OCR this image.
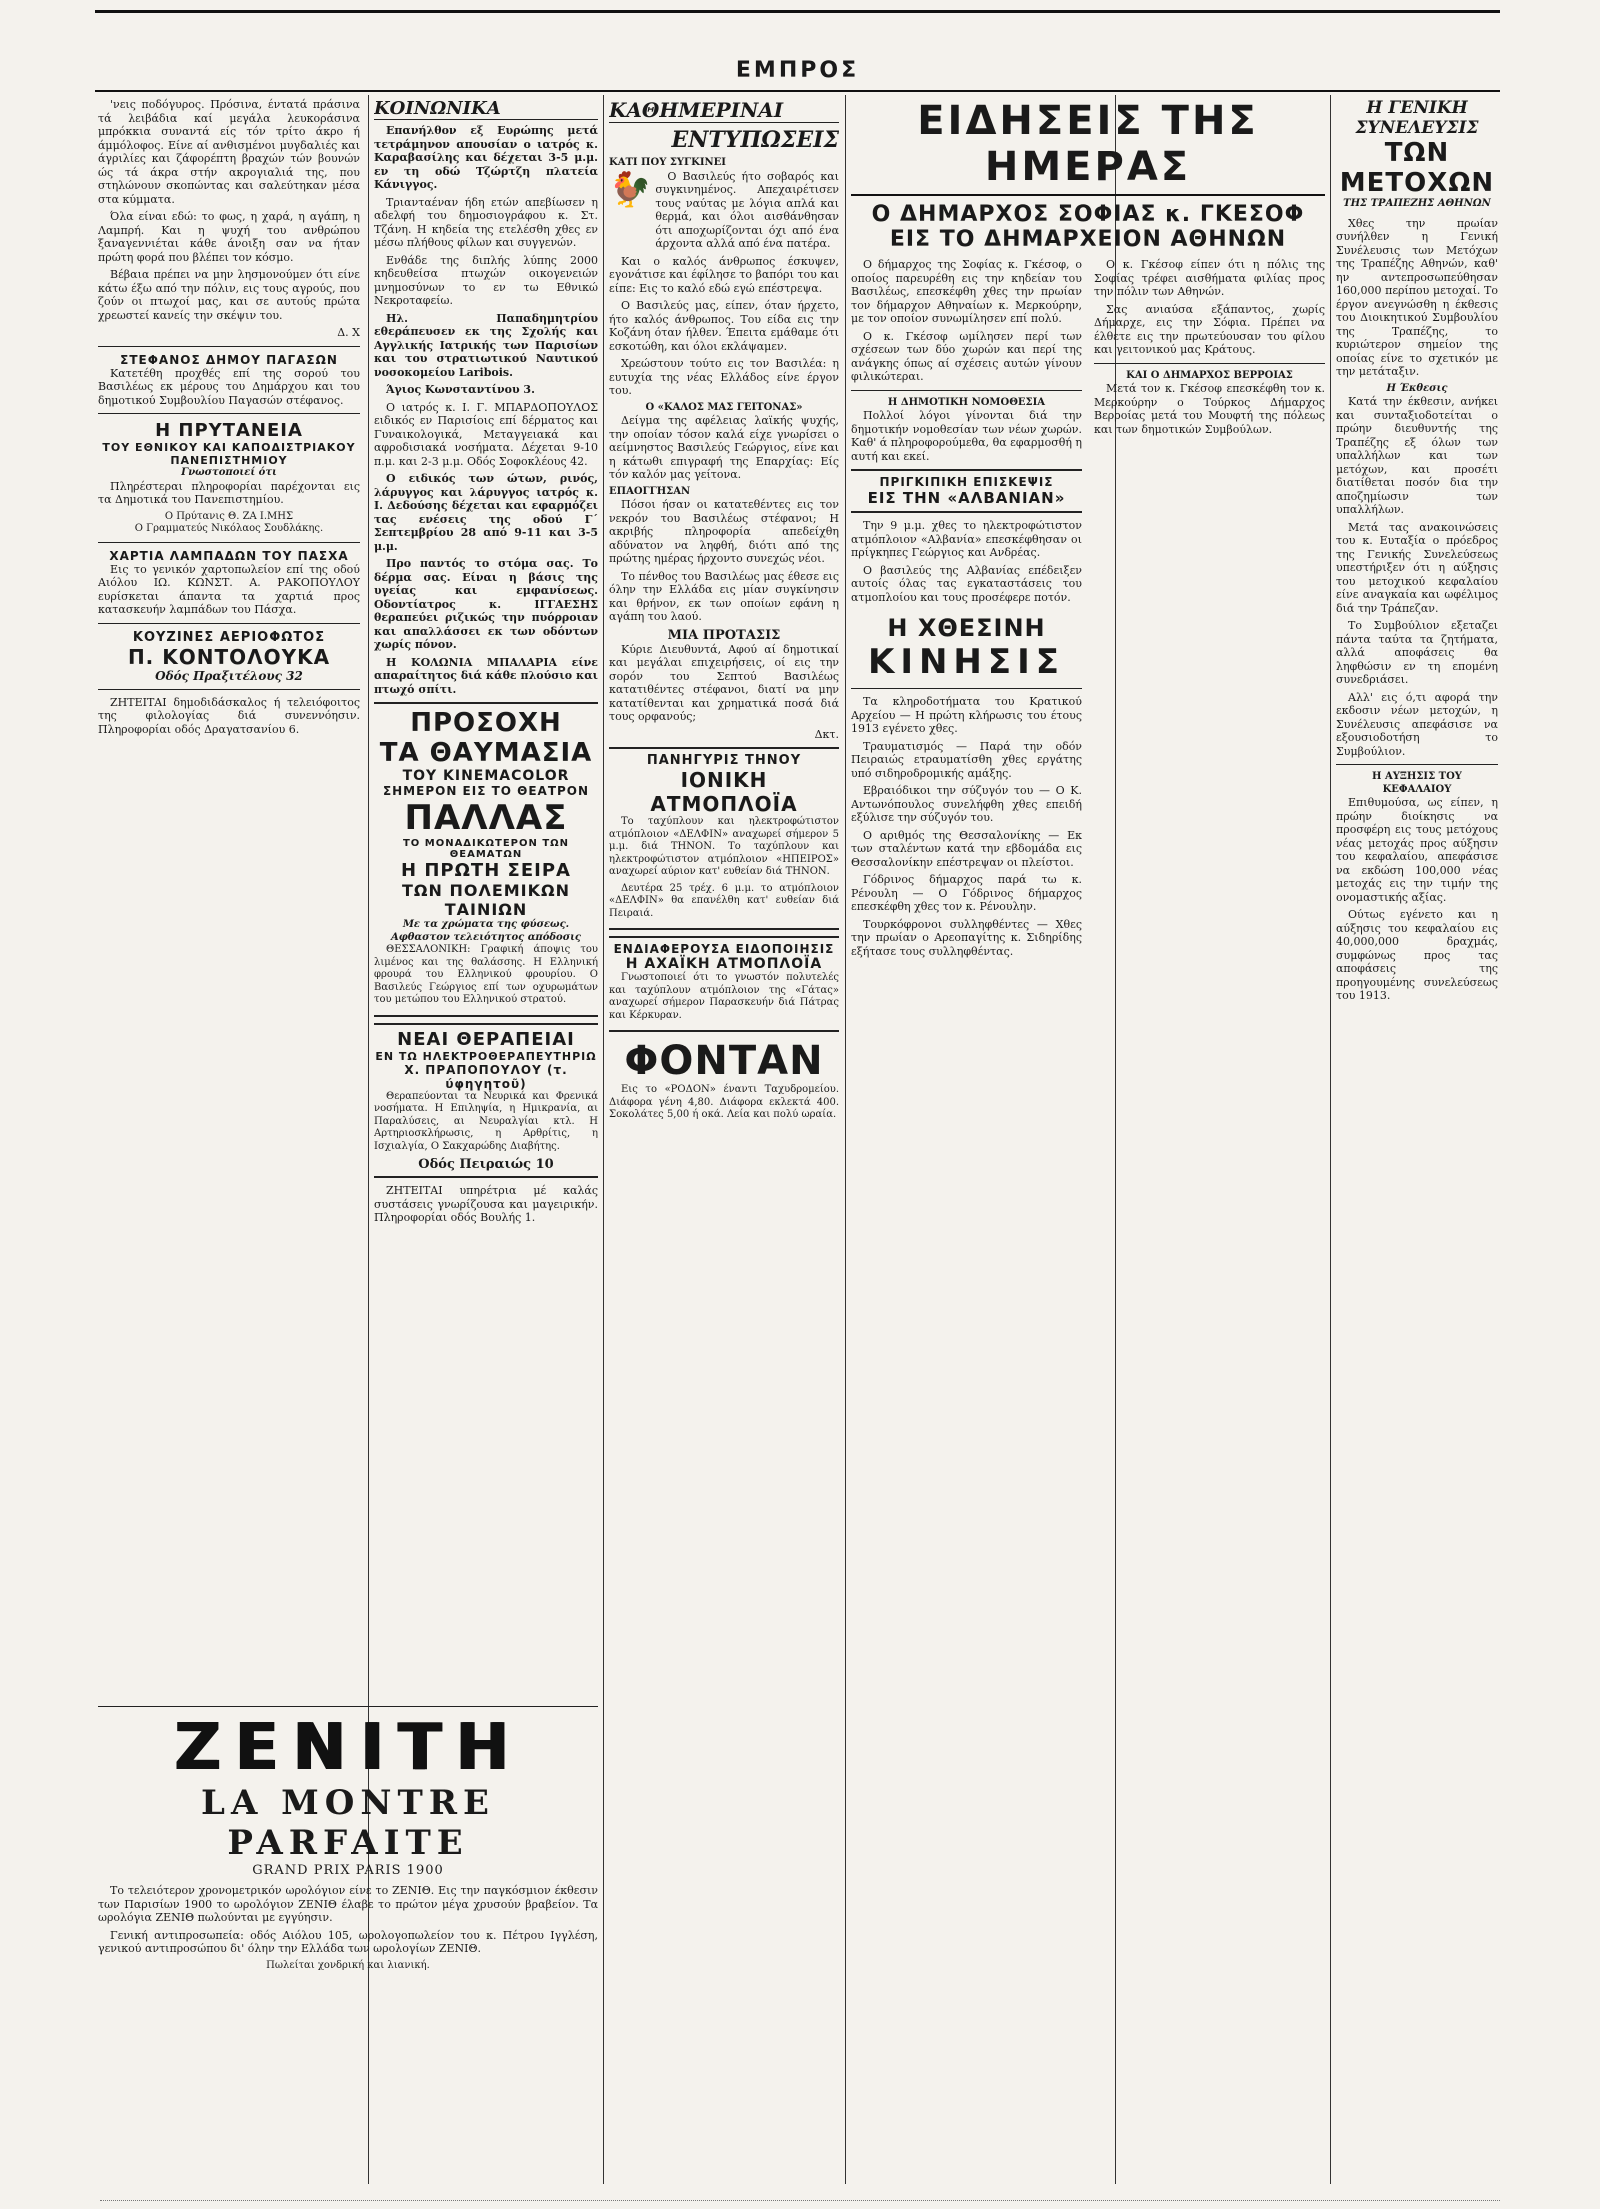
ΕΜΠΡΟΣ

'νεις ποδόγυρος. Πρόσινα, έντατά πράσινα τά λειβάδια καί μεγάλα λευκοράσινα μπρόκκια συναντά είς τόν τρίτο άκρο ή άμμόλοφος. Είνε αί ανθισμένοι μυγδαλιές και άγριλίες και ζάφορέπτη βραχών τών βουνών ώς τά άκρα στήν ακρογιαλιά της, που στηλώνουν σκοπώντας και σαλεύτηκαν μέσα στα κύμματα.

Όλα είναι εδώ: το φως, η χαρά, η αγάπη, η Λαμπρή. Και η ψυχή του ανθρώπου ξαναγεννιέται κάθε άνοιξη σαν να ήταν πρώτη φορά που βλέπει τον κόσμο.

Βέβαια πρέπει να μην λησμονούμεν ότι είνε κάτω έξω από την πόλιν, εις τους αγρούς, που ζούν οι πτωχοί μας, και σε αυτούς πρώτα χρεωστεί κανείς την σκέψιν του.

Δ. Χ

ΣΤΕΦΑΝΟΣ ΔΗΜΟΥ ΠΑΓΑΣΩΝ

Κατετέθη προχθές επί της σορού του Βασιλέως εκ μέρους του Δημάρχου και του δημοτικού Συμβουλίου Παγασών στέφανος.

Η ΠΡΥΤΑΝΕΙΑ
ΤΟΥ ΕΘΝΙΚΟΥ ΚΑΙ ΚΑΠΟΔΙΣΤΡΙΑΚΟΥ ΠΑΝΕΠΙΣΤΗΜΙΟΥ
Γνωστοποιεί ότι

Πληρέστεραι πληροφορίαι παρέχονται εις τα Δημοτικά του Πανεπιστημίου.

Ο Πρύτανις Θ. ΖΑ Ι.ΜΗΣ
Ο Γραμματεύς Νικόλαος Σουδλάκης.
ΧΑΡΤΙΑ ΛΑΜΠΑΔΩΝ ΤΟΥ ΠΑΣΧΑ

Εις το γενικόν χαρτοπωλείον επί της οδού Αιόλου ΙΩ. ΚΩΝΣΤ. Α. ΡΑΚΟΠΟΥΛΟΥ ευρίσκεται άπαντα τα χαρτιά προς κατασκευήν λαμπάδων του Πάσχα.

ΚΟΥΖΙΝΕΣ ΑΕΡΙΟΦΩΤΟΣ
Π. ΚΟΝΤΟΛΟΥΚΑ
Οδός Πραξιτέλους 32

ΖΗΤΕΙΤΑΙ δημοδιδάσκαλος ή τελειόφοιτος της φιλολογίας διά συνεννόησιν. Πληροφορίαι οδός Δραγατσανίου 6.

ΚΟΙΝΩΝΙΚΑ

Επανήλθον εξ Ευρώπης μετά τετράμηνον απουσίαν ο ιατρός κ. Καραβασίλης και δέχεται 3-5 μ.μ. εν τη οδώ Τζώρτζη πλατεία Κάνιγγος.

Τριανταέναν ήδη ετών απεβίωσεν η αδελφή του δημοσιογράφου κ. Στ. Τζάνη. Η κηδεία της ετελέσθη χθες εν μέσω πλήθους φίλων και συγγενών.

Ενθάδε της διπλής λύπης 2000 κηδευθείσα πτωχών οικογενειών μνημοσύνων το εν τω Εθνικώ Νεκροταφείω.

Ηλ. Παπαδημητρίου εθεράπευσεν εκ της Σχολής και Αγγλικής Ιατρικής των Παρισίων και του στρατιωτικού Ναυτικού νοσοκομείου Laribois.

Άγιος Κωνσταντίνου 3.

Ο ιατρός κ. Ι. Γ. ΜΠΑΡΔΟΠΟΥΛΟΣ ειδικός εν Παρισίοις επί δέρματος και Γυναικολογικά, Μεταγγειακά και αφροδισιακά νοσήματα. Δέχεται 9-10 π.μ. και 2-3 μ.μ. Οδός Σοφοκλέους 42.

Ο ειδικός των ώτων, ρινός, λάρυγγος και λάρυγγος ιατρός κ. Ι. Δεδούσης δέχεται και εφαρμόζει τας ενέσεις της οδού Γ΄ Σεπτεμβρίου 28 από 9-11 και 3-5 μ.μ.

Προ παντός το στόμα σας. Το δέρμα σας. Είναι η βάσις της υγείας και εμφανίσεως. Οδοντίατρος κ. ΙΓΓΑΕΣΗΣ θεραπεύει ριζικώς την πυόρροιαν και απαλλάσσει εκ των οδόντων χωρίς πόνον.

Η ΚΟΛΩΝΙΑ ΜΠΑΛΑΡΙΑ είνε απαραίτητος διά κάθε πλούσιο και πτωχό σπίτι.

ΠΡΟΣΟΧΗ
ΤΑ ΘΑΥΜΑΣΙΑ
ΤΟΥ KINEMACOLOR
ΣΗΜΕΡΟΝ ΕΙΣ ΤΟ ΘΕΑΤΡΟΝ
ΠΑΛΛΑΣ
ΤΟ ΜΟΝΑΔΙΚΩΤΕΡΟΝ ΤΩΝ ΘΕΑΜΑΤΩΝ
Η ΠΡΩΤΗ ΣΕΙΡΑ
ΤΩΝ ΠΟΛΕΜΙΚΩΝ ΤΑΙΝΙΩΝ
Με τα χρώματα της φύσεως. Αφθαστον τελειότητος απόδοσις

ΘΕΣΣΑΛΟΝΙΚΗ: Γραφική άποψις του λιμένος και της θαλάσσης. Η Ελληνική φρουρά του Ελληνικού φρουρίου. Ο Βασιλεύς Γεώργιος επί των οχυρωμάτων του μετώπου του Ελληνικού στρατού.

ΝΕΑΙ ΘΕΡΑΠΕΙΑΙ
ΕΝ ΤΩ ΗΛΕΚΤΡΟΘΕΡΑΠΕΥΤΗΡΙΩ
Χ. ΠΡΑΠΟΠΟΥΛΟΥ (τ. ύφηγητοῦ)

Θεραπεύονται τα Νευρικά και Φρενικά νοσήματα. Η Επιληψία, η Ημικρανία, αι Παραλύσεις, αι Νευραλγίαι κτλ. Η Αρτηριοσκλήρωσις, η Αρθρίτις, η Ισχιαλγία, Ο Σακχαρώδης Διαβήτης.

Οδός Πειραιώς 10

ΖΗΤΕΙΤΑΙ υπηρέτρια μέ καλάς συστάσεις γνωρίζουσα και μαγειρικήν. Πληροφορίαι οδός Βουλής 1.

ZENITH
LA MONTRE PARFAITE
GRAND PRIX PARIS 1900

Το τελειότερον χρονομετρικόν ωρολόγιον είνε το ΖΕΝΙΘ. Εις την παγκόσμιον έκθεσιν των Παρισίων 1900 το ωρολόγιον ΖΕΝΙΘ έλαβε το πρώτον μέγα χρυσούν βραβείον. Τα ωρολόγια ΖΕΝΙΘ πωλούνται με εγγύησιν.

Γενική αντιπροσωπεία: οδός Αιόλου 105, ωρολογοπωλείον του κ. Πέτρου Ιγγλέση, γενικού αντιπροσώπου δι' όλην την Ελλάδα των ωρολογίων ΖΕΝΙΘ.

Πωλείται χονδρική και λιανική.
ΚΑΘΗΜΕΡΙΝΑΙ
ΕΝΤΥΠΩΣΕΙΣ
ΚΑΤΙ ΠΟΥ ΣΥΓΚΙΝΕΙ
🐓	Ο Βασιλεύς ήτο σοβαρός και συγκινημένος. Απεχαιρέτισεν τους ναύτας με λόγια απλά και θερμά, και όλοι αισθάνθησαν ότι αποχωρίζονται όχι από ένα άρχοντα αλλά από ένα πατέρα.

Και ο καλός άνθρωπος έσκυψεν, εγονάτισε και έφίλησε το βαπόρι του και είπε: Εις το καλό εδώ εγώ επέστρεψα.

Ο Βασιλεύς μας, είπεν, όταν ήρχετο, ήτο καλός άνθρωπος. Του είδα εις την Κοζάνη όταν ήλθεν. Έπειτα εμάθαμε ότι εσκοτώθη, και όλοι εκλάψαμεν.

Χρεώστουν τούτο εις τον Βασιλέα: η ευτυχία της νέας Ελλάδος είνε έργον του.

Ο «ΚΑΛΟΣ ΜΑΣ ΓΕΙΤΟΝΑΣ»

Δείγμα της αφέλειας λαϊκής ψυχής, την οποίαν τόσον καλά είχε γνωρίσει ο αείμνηστος Βασιλεύς Γεώργιος, είνε και η κάτωθι επιγραφή της Επαρχίας: Είς τόν καλόν μας γείτονα.

ΕΠΑΟΓΓΗΣΑΝ

Πόσοι ήσαν οι κατατεθέντες εις τον νεκρόν του Βασιλέως στέφανοι; Η ακριβής πληροφορία απεδείχθη αδύνατον να ληφθή, διότι από της πρώτης ημέρας ήρχοντο συνεχώς νέοι.

Το πένθος του Βασιλέως μας έθεσε εις όλην την Ελλάδα εις μίαν συγκίνησιν και θρήνον, εκ των οποίων εφάνη η αγάπη του λαού.

ΜΙΑ ΠΡΟΤΑΣΙΣ

Κύριε Διευθυντά, Αφού αί δημοτικαί και μεγάλαι επιχειρήσεις, οί εις την σορόν του Σεπτού Βασιλέως κατατιθέντες στέφανοι, διατί να μην κατατίθενται και χρηματικά ποσά διά τους ορφανούς;

Δκτ.

ΠΑΝΗΓΥΡΙΣ ΤΗΝΟΥ
ΙΟΝΙΚΗ ΑΤΜΟΠΛΟΪΑ

Το ταχύπλουν και ηλεκτροφώτιστον ατμόπλοιον «ΔΕΛΦΙΝ» αναχωρεί σήμερον 5 μ.μ. διά ΤΗΝΟΝ. Το ταχύπλουν και ηλεκτροφώτιστον ατμόπλοιον «ΗΠΕΙΡΟΣ» αναχωρεί αύριον κατ' ευθείαν διά ΤΗΝΟΝ.

Δευτέρα 25 τρέχ. 6 μ.μ. το ατμόπλοιον «ΔΕΛΦΙΝ» θα επανέλθη κατ' ευθείαν διά Πειραιά.

ΕΝΔΙΑΦΕΡΟΥΣΑ ΕΙΔΟΠΟΙΗΣΙΣ
Η ΑΧΑΪΚΗ ΑΤΜΟΠΛΟΪΑ

Γνωστοποιεί ότι το γνωστόν πολυτελές και ταχύπλουν ατμόπλοιον της «Γάτας» αναχωρεί σήμερον Παρασκευήν διά Πάτρας και Κέρκυραν.

ΦΟΝΤΑΝ

Εις το «ΡΟΔΟΝ» έναντι Ταχυδρομείου. Διάφορα γένη 4,80. Διάφορα εκλεκτά 400. Σοκολάτες 5,00 ή οκά. Λεία και πολύ ωραία.

ΕΙΔΗΣΕΙΣ ΤΗΣ ΗΜΕΡΑΣ
Ο ΔΗΜΑΡΧΟΣ ΣΟΦΙΑΣ κ. ΓΚΕΣΟΦ
ΕΙΣ ΤΟ ΔΗΜΑΡΧΕΙΟΝ ΑΘΗΝΩΝ

Ο δήμαρχος της Σοφίας κ. Γκέσοφ, ο οποίος παρευρέθη εις την κηδείαν του Βασιλέως, επεσκέφθη χθες την πρωίαν τον δήμαρχον Αθηναίων κ. Μερκούρην, με τον οποίον συνωμίλησεν επί πολύ.

Ο κ. Γκέσοφ ωμίλησεν περί των σχέσεων των δύο χωρών και περί της ανάγκης όπως αί σχέσεις αυτών γίνουν φιλικώτεραι.

Η ΔΗΜΟΤΙΚΗ ΝΟΜΟΘΕΣΙΑ

Πολλοί λόγοι γίνονται διά την δημοτικήν νομοθεσίαν των νέων χωρών. Καθ' ά πληροφορούμεθα, θα εφαρμοσθή η αυτή και εκεί.

ΠΡΙΓΚΙΠΙΚΗ ΕΠΙΣΚΕΨΙΣ
ΕΙΣ ΤΗΝ «ΑΛΒΑΝΙΑΝ»

Την 9 μ.μ. χθες το ηλεκτροφώτιστον ατμόπλοιον «Αλβανία» επεσκέφθησαν οι πρίγκηπες Γεώργιος και Ανδρέας.

Ο βασιλεύς της Αλβανίας επέδειξεν αυτοίς όλας τας εγκαταστάσεις του ατμοπλοίου και τους προσέφερε ποτόν.

Η ΧΘΕΣΙΝΗ
ΚΙΝΗΣΙΣ

Τα κληροδοτήματα του Κρατικού Αρχείου — Η πρώτη κλήρωσις του έτους 1913 εγένετο χθες.

Τραυματισμός — Παρά την οδόν Πειραιώς ετραυματίσθη χθες εργάτης υπό σιδηροδρομικής αμάξης.

Εβραιόδικοι την σύζυγόν του — Ο Κ. Αντωνόπουλος συνελήφθη χθες επειδή εξύλισε την σύζυγόν του.

Ο αριθμός της Θεσσαλονίκης — Εκ των σταλέντων κατά την εβδομάδα εις Θεσσαλονίκην επέστρεψαν οι πλείστοι.

Γόδρινος δήμαρχος παρά τω κ. Ρένουλη — Ο Γόδρινος δήμαρχος επεσκέφθη χθες τον κ. Ρένουλην.

Τουρκόφρονοι συλληφθέντες — Χθες την πρωίαν ο Αρεοπαγίτης κ. Σιδηρίδης εξήτασε τους συλληφθέντας.

Ο κ. Γκέσοφ είπεν ότι η πόλις της Σοφίας τρέφει αισθήματα φιλίας προς την πόλιν των Αθηνών.

Σας ανιαύσα εξάπαντος, χωρίς Δήμαρχε, εις την Σόφια. Πρέπει να έλθετε εις την πρωτεύουσαν του φίλου και γειτονικού μας Κράτους.

ΚΑΙ Ο ΔΗΜΑΡΧΟΣ ΒΕΡΡΟΙΑΣ

Μετά τον κ. Γκέσοφ επεσκέφθη τον κ. Μερκούρην ο Τούρκος Δήμαρχος Βερροίας μετά του Μουφτή της πόλεως και των δημοτικών Συμβούλων.

Η ΓΕΝΙΚΗ ΣΥΝΕΛΕΥΣΙΣ
ΤΩΝ ΜΕΤΟΧΩΝ
ΤΗΣ ΤΡΑΠΕΖΗΣ ΑΘΗΝΩΝ

Χθες την πρωίαν συνήλθεν η Γενική Συνέλευσις των Μετόχων της Τραπέζης Αθηνών, καθ' ην αντεπροσωπεύθησαν 160,000 περίπου μετοχαί. Το έργον ανεγνώσθη η έκθεσις του Διοικητικού Συμβουλίου της Τραπέζης, το κυριώτερον σημείον της οποίας είνε το σχετικόν με την μετάταξιν.

Η Έκθεσις

Κατά την έκθεσιν, ανήκει και συνταξιοδοτείται ο πρώην διευθυντής της Τραπέζης εξ όλων των υπαλλήλων και των μετόχων, και προσέτι διατίθεται ποσόν δια την αποζημίωσιν των υπαλλήλων.

Μετά τας ανακοινώσεις του κ. Ευταξία ο πρόεδρος της Γενικής Συνελεύσεως υπεστήριξεν ότι η αύξησις του μετοχικού κεφαλαίου είνε αναγκαία και ωφέλιμος διά την Τράπεζαν.

Το Συμβούλιον εξεταζει πάντα ταύτα τα ζητήματα, αλλά αποφάσεις θα ληφθώσιν εν τη επομένη συνεδριάσει.

Αλλ' εις ό,τι αφορά την εκδοσιν νέων μετοχών, η Συνέλευσις απεφάσισε να εξουσιοδοτήση το Συμβούλιον.

Η ΑΥΞΗΣΙΣ ΤΟΥ ΚΕΦΑΛΑΙΟΥ

Επιθυμούσα, ως είπεν, η πρώην διοίκησις να προσφέρη εις τους μετόχους νέας μετοχάς προς αύξησιν του κεφαλαίου, απεφάσισε να εκδώση 100,000 νέας μετοχάς εις την τιμήν της ονομαστικής αξίας.

Ούτως εγένετο και η αύξησις του κεφαλαίου εις 40,000,000 δραχμάς, συμφώνως προς τας αποφάσεις της προηγουμένης συνελεύσεως του 1913.
